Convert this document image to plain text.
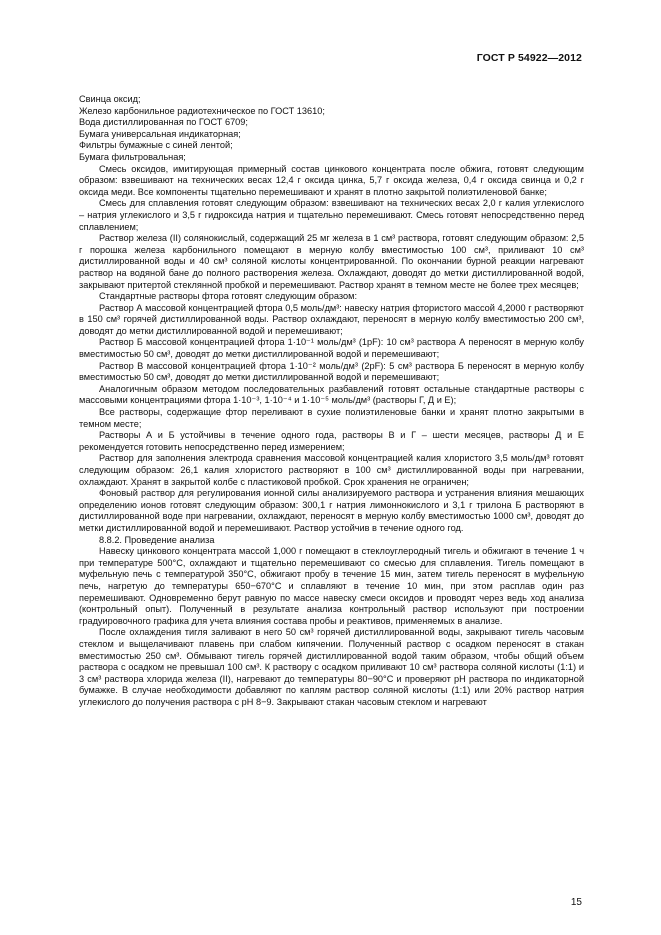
ГОСТ Р 54922—2012

Свинца оксид;

Железо карбонильное радиотехническое по ГОСТ 13610;

Вода дистиллированная по ГОСТ 6709;

Бумага универсальная индикаторная;

Фильтры бумажные с синей лентой;

Бумага фильтровальная;

Смесь оксидов, имитирующая примерный состав цинкового концентрата после обжига, готовят следующим образом: взвешивают на технических весах 12,4 г оксида цинка, 5,7 г оксида железа, 0,4 г оксида свинца и 0,2 г оксида меди. Все компоненты тщательно перемешивают и хранят в плотно закрытой полиэтиленовой банке;

Смесь для сплавления готовят следующим образом: взвешивают на технических весах 2,0 г калия углекислого – натрия углекислого и 3,5 г гидроксида натрия и тщательно перемешивают. Смесь готовят непосредственно перед сплавлением;

Раствор железа (II) солянокислый, содержащий 25 мг железа в 1 см³ раствора, готовят следующим образом: 2,5 г порошка железа карбонильного помещают в мерную колбу вместимостью 100 см³, приливают 10 см³ дистиллированной воды и 40 см³ соляной кислоты концентрированной. По окончании бурной реакции нагревают раствор на водяной бане до полного растворения железа. Охлаждают, доводят до метки дистиллированной водой, закрывают притертой стеклянной пробкой и перемешивают. Раствор хранят в темном месте не более трех месяцев;

Стандартные растворы фтора готовят следующим образом:

Раствор А массовой концентрацией фтора 0,5 моль/дм³: навеску натрия фтористого массой 4,2000 г растворяют в 150 см³ горячей дистиллированной воды. Раствор охлаждают, переносят в мерную колбу вместимостью 200 см³, доводят до метки дистиллированной водой и перемешивают;

Раствор Б массовой концентрацией фтора 1·10⁻¹ моль/дм³ (1pF): 10 см³ раствора А переносят в мерную колбу вместимостью 50 см³, доводят до метки дистиллированной водой и перемешивают;

Раствор В массовой концентрацией фтора 1·10⁻² моль/дм³ (2pF): 5 см³ раствора Б переносят в мерную колбу вместимостью 50 см³, доводят до метки дистиллированной водой и перемешивают;

Аналогичным образом методом последовательных разбавлений готовят остальные стандартные растворы с массовыми концентрациями фтора 1·10⁻³, 1·10⁻⁴ и 1·10⁻⁵ моль/дм³ (растворы Г, Д и Е);

Все растворы, содержащие фтор переливают в сухие полиэтиленовые банки и хранят плотно закрытыми в темном месте;

Растворы А и Б устойчивы в течение одного года, растворы В и Г – шести месяцев, растворы Д и Е рекомендуется готовить непосредственно перед измерением;

Раствор для заполнения электрода сравнения массовой концентрацией калия хлористого 3,5 моль/дм³ готовят следующим образом: 26,1 калия хлористого растворяют в 100 см³ дистиллированной воды при нагревании, охлаждают. Хранят в закрытой колбе с пластиковой пробкой. Срок хранения не ограничен;

Фоновый раствор для регулирования ионной силы анализируемого раствора и устранения влияния мешающих определению ионов готовят следующим образом: 300,1 г натрия лимоннокислого и 3,1 г трилона Б растворяют в дистиллированной воде при нагревании, охлаждают, переносят в мерную колбу вместимостью 1000 см³, доводят до метки дистиллированной водой и перемешивают. Раствор устойчив в течение одного год.

8.8.2. Проведение анализа

Навеску цинкового концентрата массой 1,000 г помещают в стеклоуглеродный тигель и обжигают в течение 1 ч при температуре 500°С, охлаждают и тщательно перемешивают со смесью для сплавления. Тигель помещают в муфельную печь с температурой 350°С, обжигают пробу в течение 15 мин, затем тигель переносят в муфельную печь, нагретую до температуры 650−670°С и сплавляют в течение 10 мин, при этом расплав один раз перемешивают. Одновременно берут равную по массе навеску смеси оксидов и проводят через ведь ход анализа (контрольный опыт). Полученный в результате анализа контрольный раствор используют при построении градуировочного графика для учета влияния состава пробы и реактивов, применяемых в анализе.

После охлаждения тигля заливают в него 50 см³ горячей дистиллированной воды, закрывают тигель часовым стеклом и выщелачивают плавень при слабом кипячении. Полученный раствор с осадком переносят в стакан вместимостью 250 см³. Обмывают тигель горячей дистиллированной водой таким образом, чтобы общий объем раствора с осадком не превышал 100 см³. К раствору с осадком приливают 10 см³ раствора соляной кислоты (1:1) и 3 см³ раствора хлорида железа (II), нагревают до температуры 80−90°С и проверяют pH раствора по индикаторной бумажке. В случае необходимости добавляют по каплям раствор соляной кислоты (1:1) или 20% раствор натрия углекислого до получения раствора с pH 8−9. Закрывают стакан часовым стеклом и нагревают

15
